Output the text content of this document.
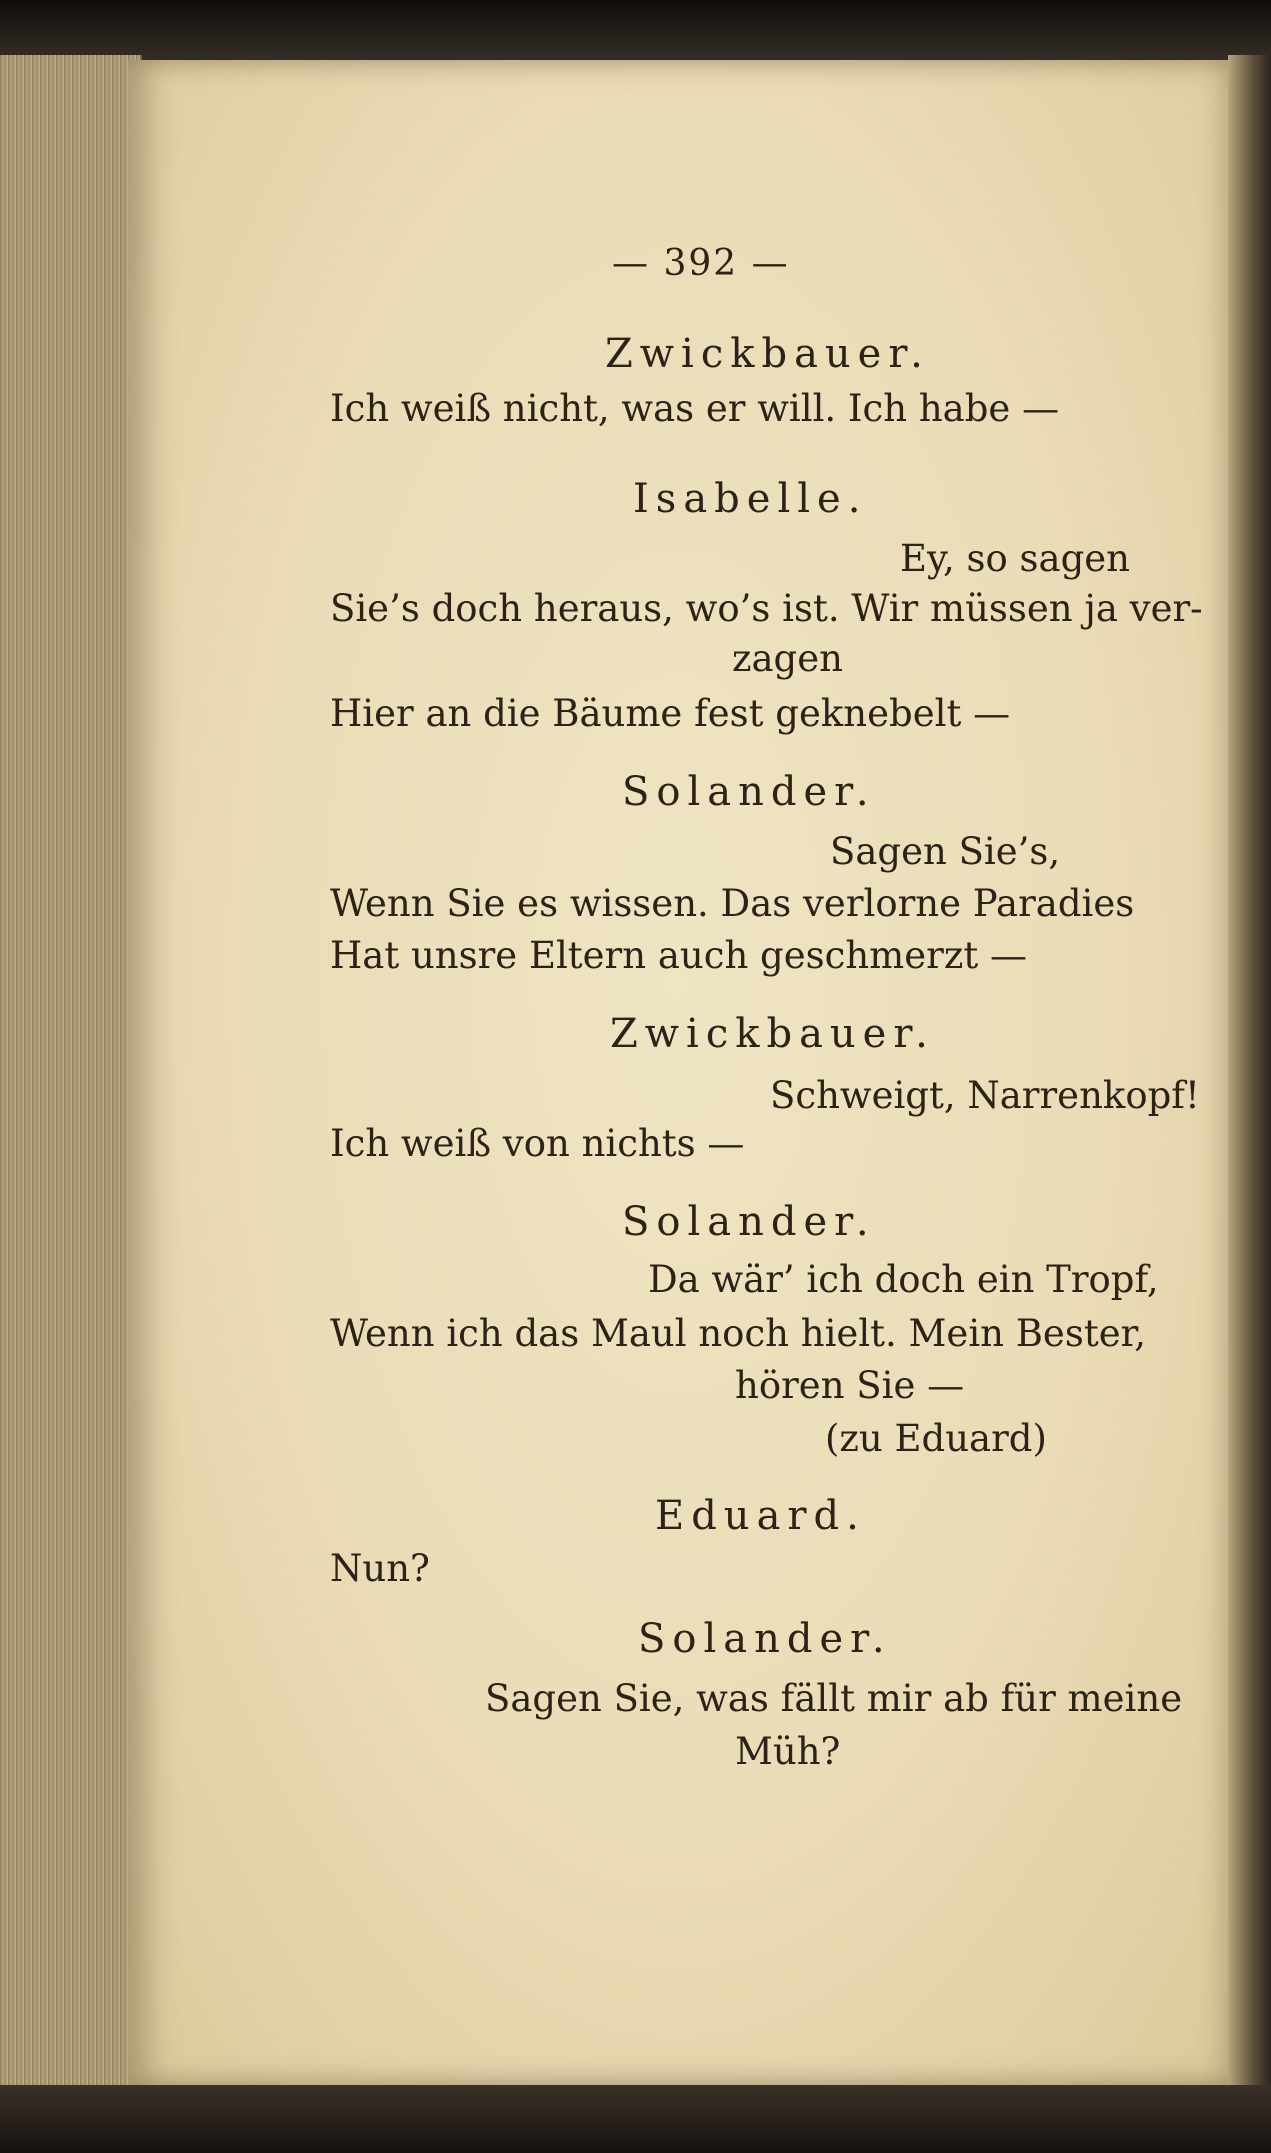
— 392 —
Zwickbauer.
Ich weiß nicht, was er will. Ich habe —
Isabelle.
Ey, so sagen
Sie’s doch heraus, wo’s ist. Wir müssen ja ver-
zagen
Hier an die Bäume fest geknebelt —
Solander.
Sagen Sie’s,
Wenn Sie es wissen. Das verlorne Paradies
Hat unsre Eltern auch geschmerzt —
Zwickbauer.
Schweigt, Narrenkopf!
Ich weiß von nichts —
Solander.
Da wär’ ich doch ein Tropf,
Wenn ich das Maul noch hielt. Mein Bester,
hören Sie —
(zu Eduard)
Eduard.
Nun?
Solander.
Sagen Sie, was fällt mir ab für meine
Müh?
